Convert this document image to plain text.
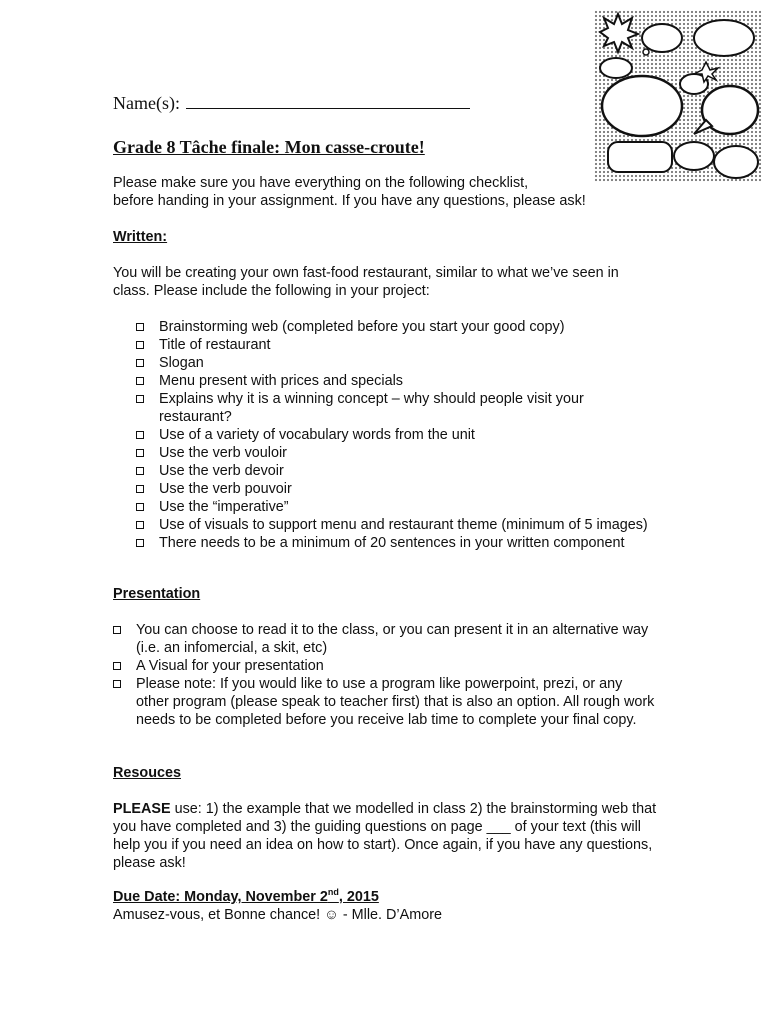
Name(s):
Grade 8 Tâche finale: Mon casse-croute!

Please make sure you have everything on the following checklist,
before handing in your assignment. If you have any questions, please ask!

Written:

You will be creating your own fast-food restaurant, similar to what we’ve seen in class. Please include the following in your project:

Brainstorming web (completed before you start your good copy)
Title of restaurant
Slogan
Menu present with prices and specials
Explains why it is a winning concept – why should people visit your restaurant?
Use of a variety of vocabulary words from the unit
Use the verb vouloir
Use the verb devoir
Use the verb pouvoir
Use the “imperative”
Use of visuals to support menu and restaurant theme (minimum of 5 images)
There needs to be a minimum of 20 sentences in your written component

Presentation

You can choose to read it to the class, or you can present it in an alternative way (i.e. an infomercial, a skit, etc)
A Visual for your presentation
Please note: If you would like to use a program like powerpoint, prezi, or any other program (please speak to teacher first) that is also an option. All rough work needs to be completed before you receive lab time to complete your final copy.

Resouces

PLEASE use: 1) the example that we modelled in class 2) the brainstorming web that you have completed and 3) the guiding questions on page ___ of your text (this will help you if you need an idea on how to start). Once again, if you have any questions, please ask!

Due Date: Monday, November 2nd, 2015
Amusez-vous, et Bonne chance! ☺ - Mlle. D’Amore
